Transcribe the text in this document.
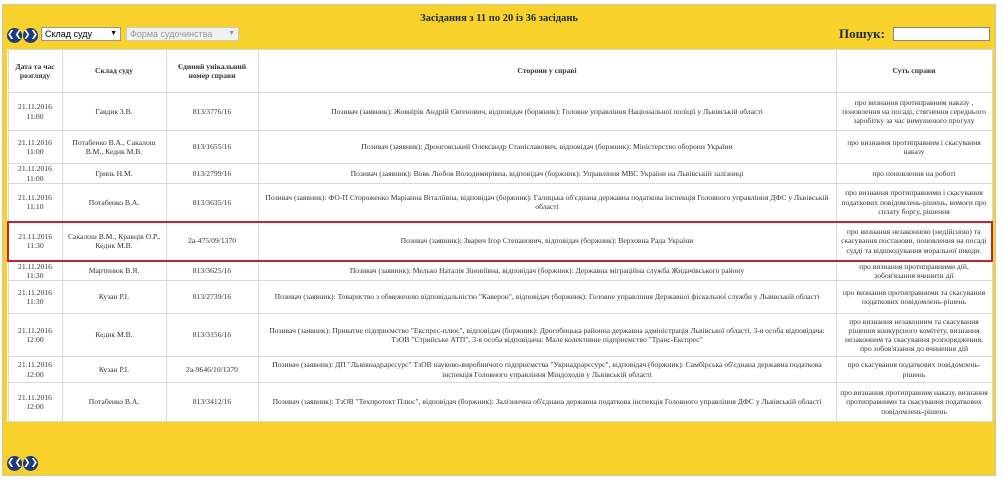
❮❮❯❯
Засідання з 11 по 20 із 36 засідань
Склад суду	▼	Форма судочинства ▼	Пошук:
Дата та час розгляду	Склад суду	Єдиний унікальний номер справи	Сторони у справі	Суть справи

21.11.2016
11:00	Гавдик З.В.	813/3776/16	Позивач (заявник): Жовнірів Андрій Євгенович, відповідач (боржник): Головне управління Національної поліції у Львівській області	про визнання протиправним наказу , поновлення на посаді, стягнення середнього заробітку за час вимушеного прогулу

21.11.2016
11:00	Потабенко В.А., Сакалош В.М., Кедик М.В.	813/1655/16	Позивач (заявник): Дронговський Олександр Станіславович, відповідач (боржник): Міністерство оборони України	про визнання протиправним і скасування наказу

21.11.2016
11:00	Гринь Н.М.	813/2799/16	Позивач (заявник): Вовк Любов Володимирівна, відповідач (боржник): Управління МВС України на Львівській залізниці	про поновлення на роботі

21.11.2016
11:10	Потабенко В.А.	813/3635/16	Позивач (заявник): ФО-П Стороженко Маріанна Віталіївна, відповідач (боржник): Галицька об'єднана державна податкова інспекція Головного управління ДФС у Львівській області	про визнання протиправними і скасування податкових повідомлень-рішень, вимоги про сплату боргу, рішення

21.11.2016
11:30	Сакалош В.М., Кравців О.Р., Кедик М.В.	2а-475/09/1370	Позивач (заявник): Зварич Ігор Степанович, відповідач (боржник): Верховна Рада України	про визнання незаконною (недійсною) та скасування постанови, поновлення на посаді судді та відшкодування моральної шкоди.

21.11.2016
11:30	Мартинюк В.Я.	813/3625/16	Позивач (заявник): Мелько Наталія Зіновіївна, відповідач (боржник): Державна міграційна служба Жидачівського району	про визнання протиправними дій, зобов'язання вчинити дії

21.11.2016
11:30	Кузан Р.І.	813/2739/16	Позивач (заявник): Товариство з обмеженою відповідальністю "Каверон", відповідач (боржник): Головне управління Державної фіскальної служби у Львівській області	про визнання протиправними та скасування податкових повідомлень-рішень

21.11.2016
12:00	Кедик М.В.	813/3156/16	Позивач (заявник): Приватне підприємство "Експрес-плюс", відповідач (боржник): Дрогобицька районна державна адміністрація Львівської області, 3-я особа відповідача: ТзОВ "Стрийське АТП", 3-я особа відповідача: Мале колективне підприємство "Транс-Експрес"	про визнання незаконним та скасування рішення конкурсного комітету, визнання незаконним та скасування розпорядження, про зобов'язання до вчинення дій

21.11.2016
12:00	Кузан Р.І.	2а-9646/10/1370	Позивач (заявник): ДП "Львівнадрарєсурс" ТзОВ науково-виробничого підприємства "Укрнадрарєсурс", відповідач (боржник): Самбірська об'єднана державна податкова інспекція Головного управління Міндоходів у Львівській області	про скасування податкових повідомлень-рішень

21.11.2016
12:00	Потабенко В.А.	813/3412/16	Позивач (заявник): ТзОВ "Техпротект Плюс", відповідач (боржник): Залізнична об'єднана державна податкова інспекція Головного управління ДФС у Львівській області	про визнання протиправним наказу, визнання протиправними та скасування податкових повідомлень-рішень
❮❮❯❯
